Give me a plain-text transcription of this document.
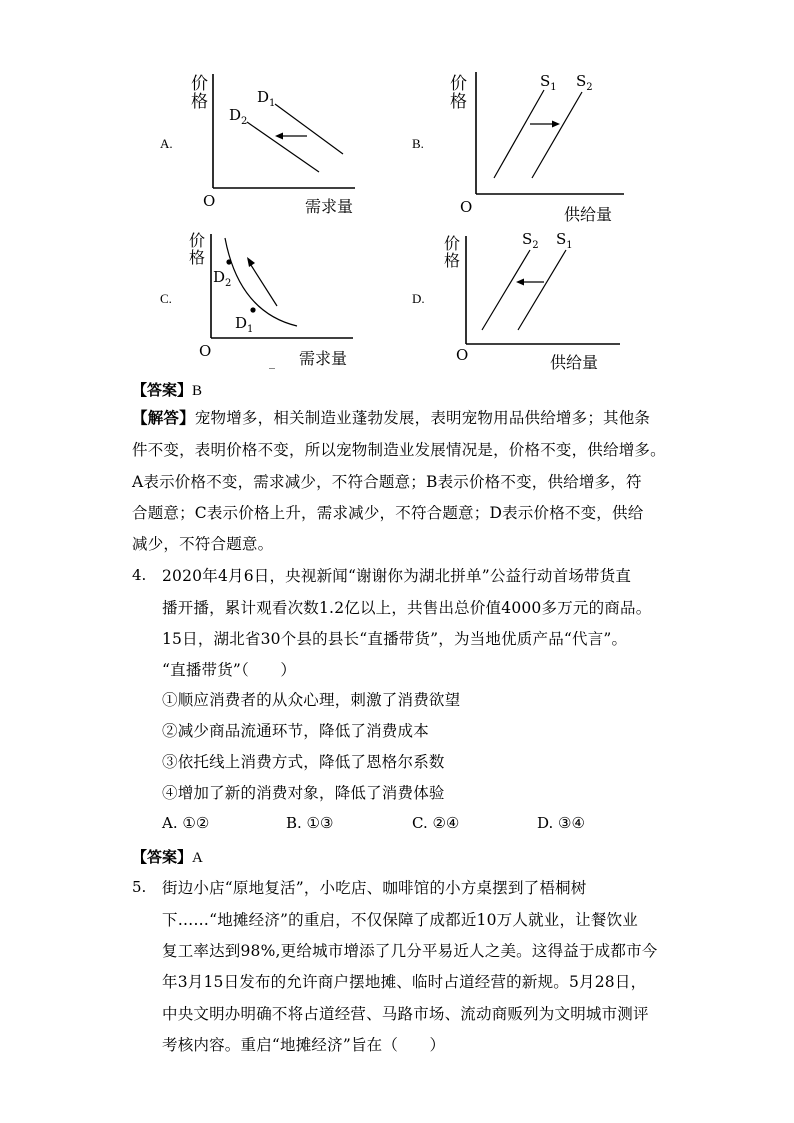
A.
价
格
O	需求量
$D_1$
$D_2$
B.
价
格
O	供给量
$S_1$ $S_2$
C.
价
格
O
_ 需求量
$D_2$
$D_1$
D.
价
格
O	供给量
$S_2$ $S_1$
【答案】B
【解答】宠物增多，相关制造业蓬勃发展，表明宠物用品供给增多；其他条
件不变，表明价格不变，所以宠物制造业发展情况是，价格不变，供给增多。
A表示价格不变，需求减少，不符合题意；B表示价格不变，供给增多，符
合题意；C表示价格上升，需求减少，不符合题意；D表示价格不变，供给
减少，不符合题意。
4. 2020年4月6日，央视新闻“谢谢你为湖北拼单”公益行动首场带货直
播开播，累计观看次数1.2亿以上，共售出总价值4000多万元的商品。
15日，湖北省30个县的县长“直播带货”，为当地优质产品“代言”。
“直播带货”（　　）
①顺应消费者的从众心理，刺激了消费欲望
②减少商品流通环节，降低了消费成本
③依托线上消费方式，降低了恩格尔系数
④增加了新的消费对象，降低了消费体验
A. ①②	B. ①③	C. ②④	D. ③④
【答案】A
5. 街边小店“原地复活”，小吃店、咖啡馆的小方桌摆到了梧桐树
下……“地摊经济”的重启，不仅保障了成都近10万人就业，让餐饮业
复工率达到98%,更给城市增添了几分平易近人之美。这得益于成都市今
年3月15日发布的允许商户摆地摊、临时占道经营的新规。5月28日，
中央文明办明确不将占道经营、马路市场、流动商贩列为文明城市测评
考核内容。重启“地摊经济”旨在（　　）
